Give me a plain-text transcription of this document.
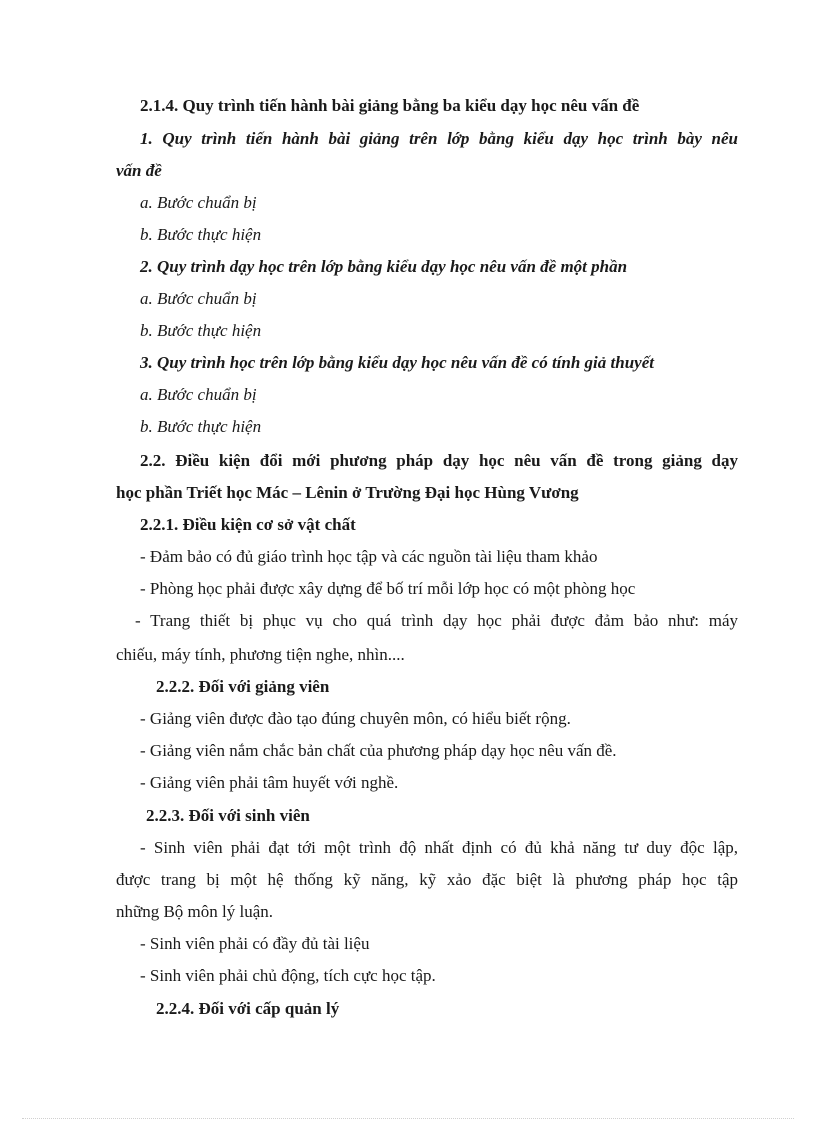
2.1.4. Quy trình tiến hành bài giảng bằng ba kiểu dạy học nêu vấn đề
1. Quy trình tiến hành bài giảng trên lớp bằng kiểu dạy học trình bày nêu
vấn đề
a. Bước chuẩn bị
b. Bước thực hiện
2. Quy trình dạy học trên lớp bằng kiểu dạy học nêu vấn đề một phần
a. Bước chuẩn bị
b. Bước thực hiện
3. Quy trình học trên lớp bằng kiểu dạy học nêu vấn đề có tính giả thuyết
a. Bước chuẩn bị
b. Bước thực hiện
2.2. Điều kiện đổi mới phương pháp dạy học nêu vấn đề trong giảng dạy
học phần Triết học Mác – Lênin ở Trường Đại học Hùng Vương
2.2.1. Điều kiện cơ sở vật chất
- Đảm bảo có đủ giáo trình học tập và các nguồn tài liệu tham khảo
- Phòng học phải được xây dựng để bố trí mỗi lớp học có một phòng học
- Trang thiết bị phục vụ cho quá trình dạy học phải được đảm bảo như: máy
chiếu, máy tính, phương tiện nghe, nhìn....
2.2.2. Đối với giảng viên
- Giảng viên được đào tạo đúng chuyên môn, có hiểu biết rộng.
- Giảng viên nắm chắc bản chất của phương pháp dạy học nêu vấn đề.
- Giảng viên phải tâm huyết với nghề.
2.2.3. Đối với sinh viên
- Sinh viên phải đạt tới một trình độ nhất định có đủ khả năng tư duy độc lập,
được trang bị một hệ thống kỹ năng, kỹ xảo đặc biệt là phương pháp học tập
những Bộ môn lý luận.
- Sinh viên phải có đầy đủ tài liệu
- Sinh viên phải chủ động, tích cực học tập.
2.2.4. Đối với cấp quản lý
